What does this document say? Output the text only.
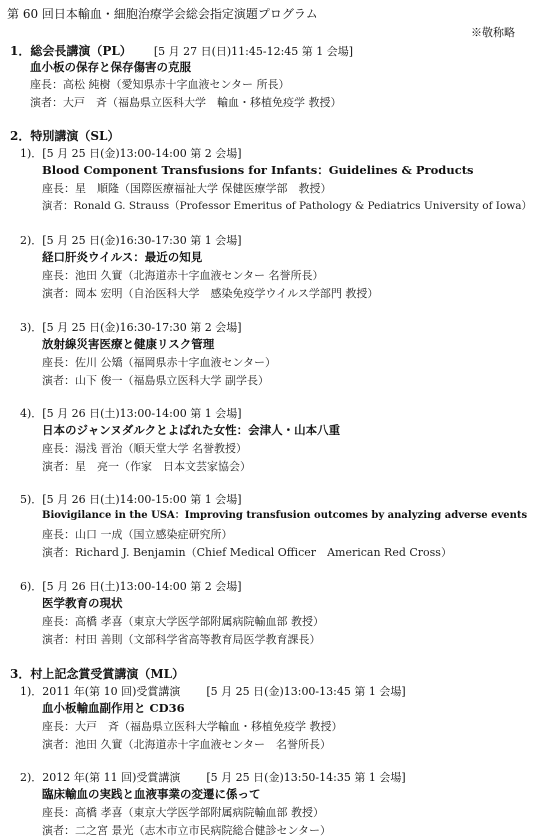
第 60 回日本輸血・細胞治療学会総会指定演題プログラム
※敬称略
1．総会長講演（PL） [5 月 27 日(日)11:45-12:45 第 1 会場]
血小板の保存と保存傷害の克服
座長：高松 純樹（愛知県赤十字血液センター 所長）
演者：大戸　斉（福島県立医科大学　輸血・移植免疫学 教授）
2．特別講演（SL）
1)．[5 月 25 日(金)13:00-14:00 第 2 会場]
Blood Component Transfusions for Infants：Guidelines & Products
座長：星　順隆（国際医療福祉大学 保健医療学部　教授）
演者：Ronald G. Strauss（Professor Emeritus of Pathology & Pediatrics University of Iowa）
2)．[5 月 25 日(金)16:30-17:30 第 1 会場]
経口肝炎ウイルス：最近の知見
座長：池田 久實（北海道赤十字血液センター 名誉所長）
演者：岡本 宏明（自治医科大学　感染免疫学ウイルス学部門 教授）
3)．[5 月 25 日(金)16:30-17:30 第 2 会場]
放射線災害医療と健康リスク管理
座長：佐川 公矯（福岡県赤十字血液センター）
演者：山下 俊一（福島県立医科大学 副学長）
4)．[5 月 26 日(土)13:00-14:00 第 1 会場]
日本のジャンヌダルクとよばれた女性：会津人・山本八重
座長：湯浅 晋治（順天堂大学 名誉教授）
演者：星　亮一（作家　日本文芸家協会）
5)．[5 月 26 日(土)14:00-15:00 第 1 会場]
Biovigilance in the USA：Improving transfusion outcomes by analyzing adverse events
座長：山口 一成（国立感染症研究所）
演者：Richard J. Benjamin（Chief Medical Officer　American Red Cross）
6)．[5 月 26 日(土)13:00-14:00 第 2 会場]
医学教育の現状
座長：高橋 孝喜（東京大学医学部附属病院輸血部 教授）
演者：村田 善則（文部科学省高等教育局医学教育課長）
3．村上記念賞受賞講演（ML）
1)．2011 年(第 10 回)受賞講演 [5 月 25 日(金)13:00-13:45 第 1 会場]
血小板輸血副作用と CD36
座長：大戸　斉（福島県立医科大学輸血・移植免疫学 教授）
演者：池田 久實（北海道赤十字血液センター　名誉所長）
2)．2012 年(第 11 回)受賞講演 [5 月 25 日(金)13:50-14:35 第 1 会場]
臨床輸血の実践と血液事業の変遷に係って
座長：高橋 孝喜（東京大学医学部附属病院輸血部 教授）
演者：二之宮 景光（志木市立市民病院総合健診センター）
